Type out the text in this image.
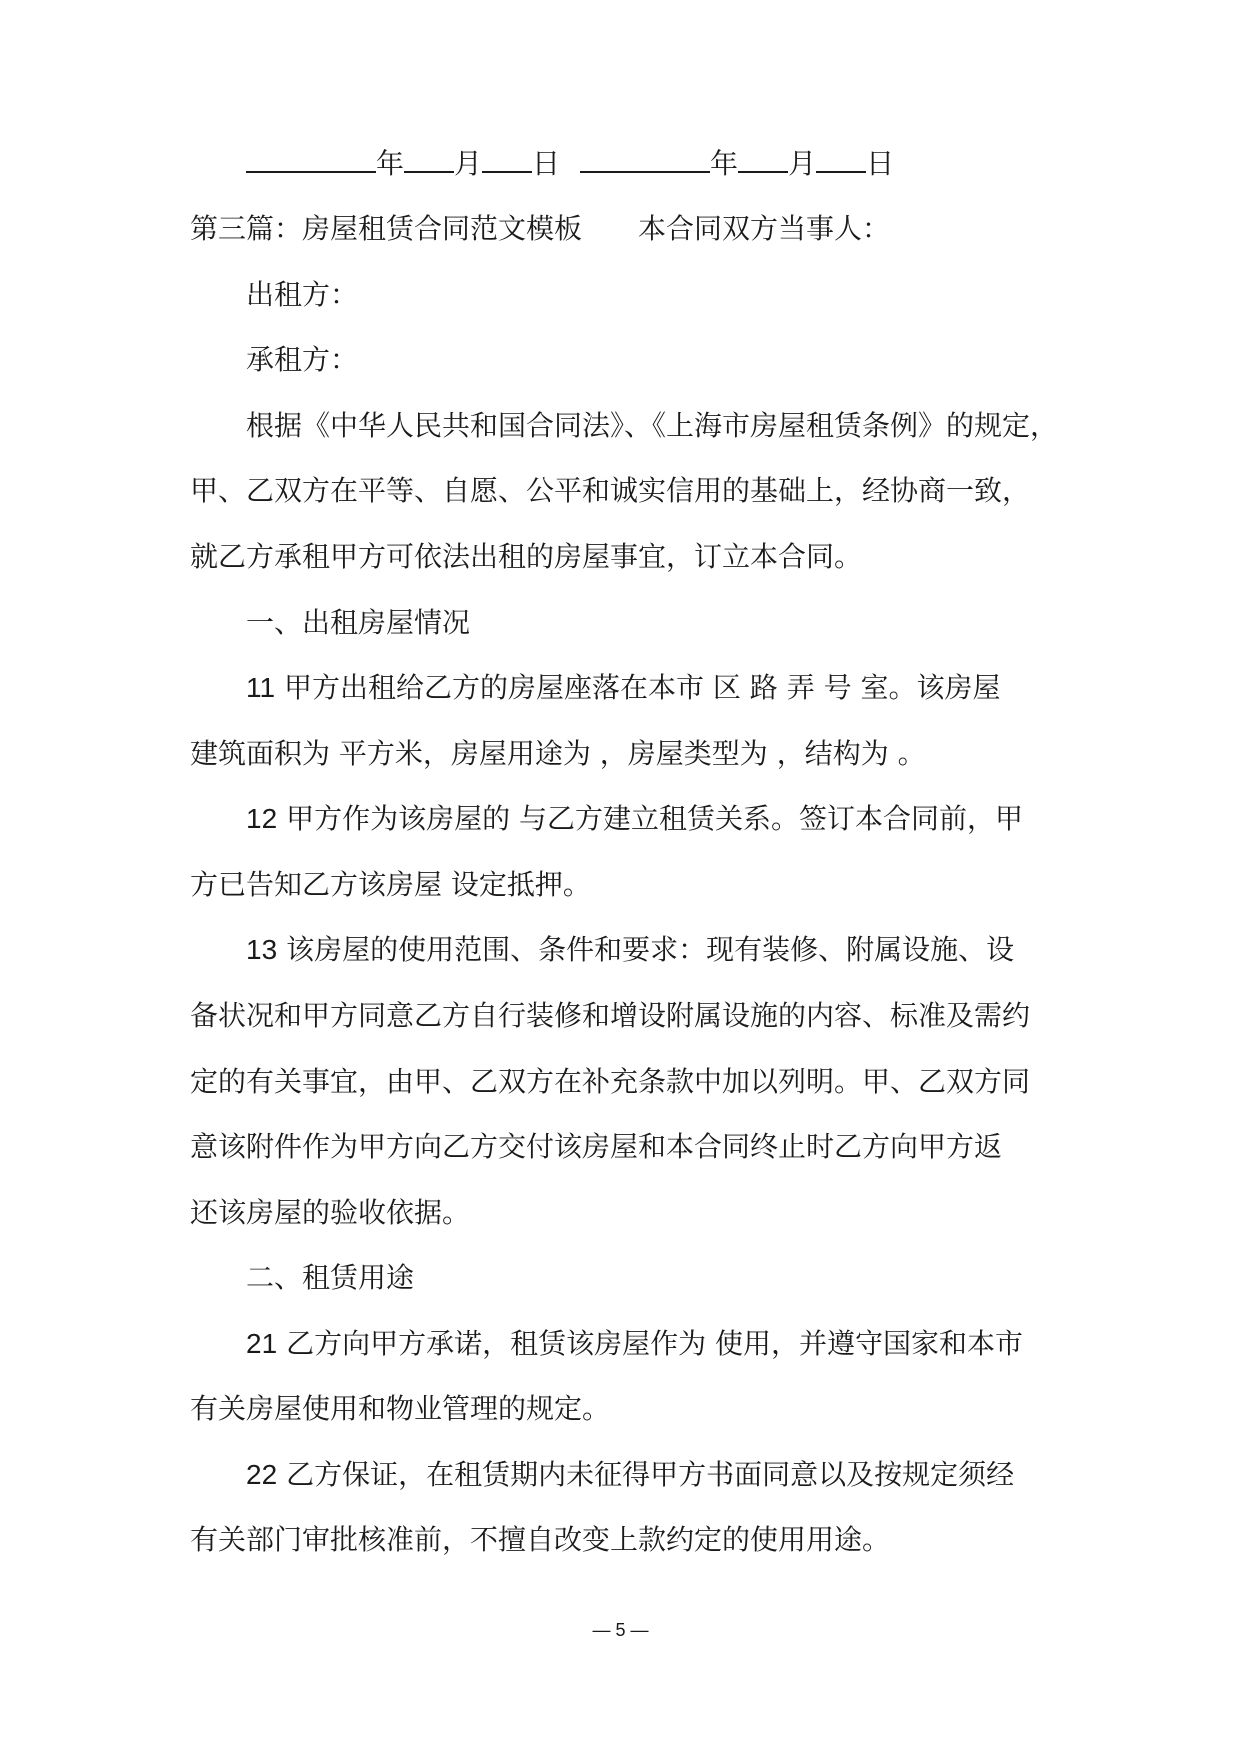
年 月 日	年 月 日
第三篇：房屋租赁合同范文模板 本合同双方当事人：
出租方：
承租方：
根据《中华人民共和国合同法》、《上海市房屋租赁条例》的规定，
甲、乙双方在平等、自愿、公平和诚实信用的基础上，经协商一致，
就乙方承租甲方可依法出租的房屋事宜，订立本合同。
一、出租房屋情况
11 甲方出租给乙方的房屋座落在本市 区 路 弄 号 室。该房屋
建筑面积为 平方米，房屋用途为 ，房屋类型为 ，结构为 。
12 甲方作为该房屋的 与乙方建立租赁关系。签订本合同前，甲
方已告知乙方该房屋 设定抵押。
13 该房屋的使用范围、条件和要求：现有装修、附属设施、设
备状况和甲方同意乙方自行装修和增设附属设施的内容、标准及需约
定的有关事宜，由甲、乙双方在补充条款中加以列明。甲、乙双方同
意该附件作为甲方向乙方交付该房屋和本合同终止时乙方向甲方返
还该房屋的验收依据。
二、租赁用途
21 乙方向甲方承诺，租赁该房屋作为 使用，并遵守国家和本市
有关房屋使用和物业管理的规定。
22 乙方保证，在租赁期内未征得甲方书面同意以及按规定须经
有关部门审批核准前，不擅自改变上款约定的使用用途。
— 5 —
